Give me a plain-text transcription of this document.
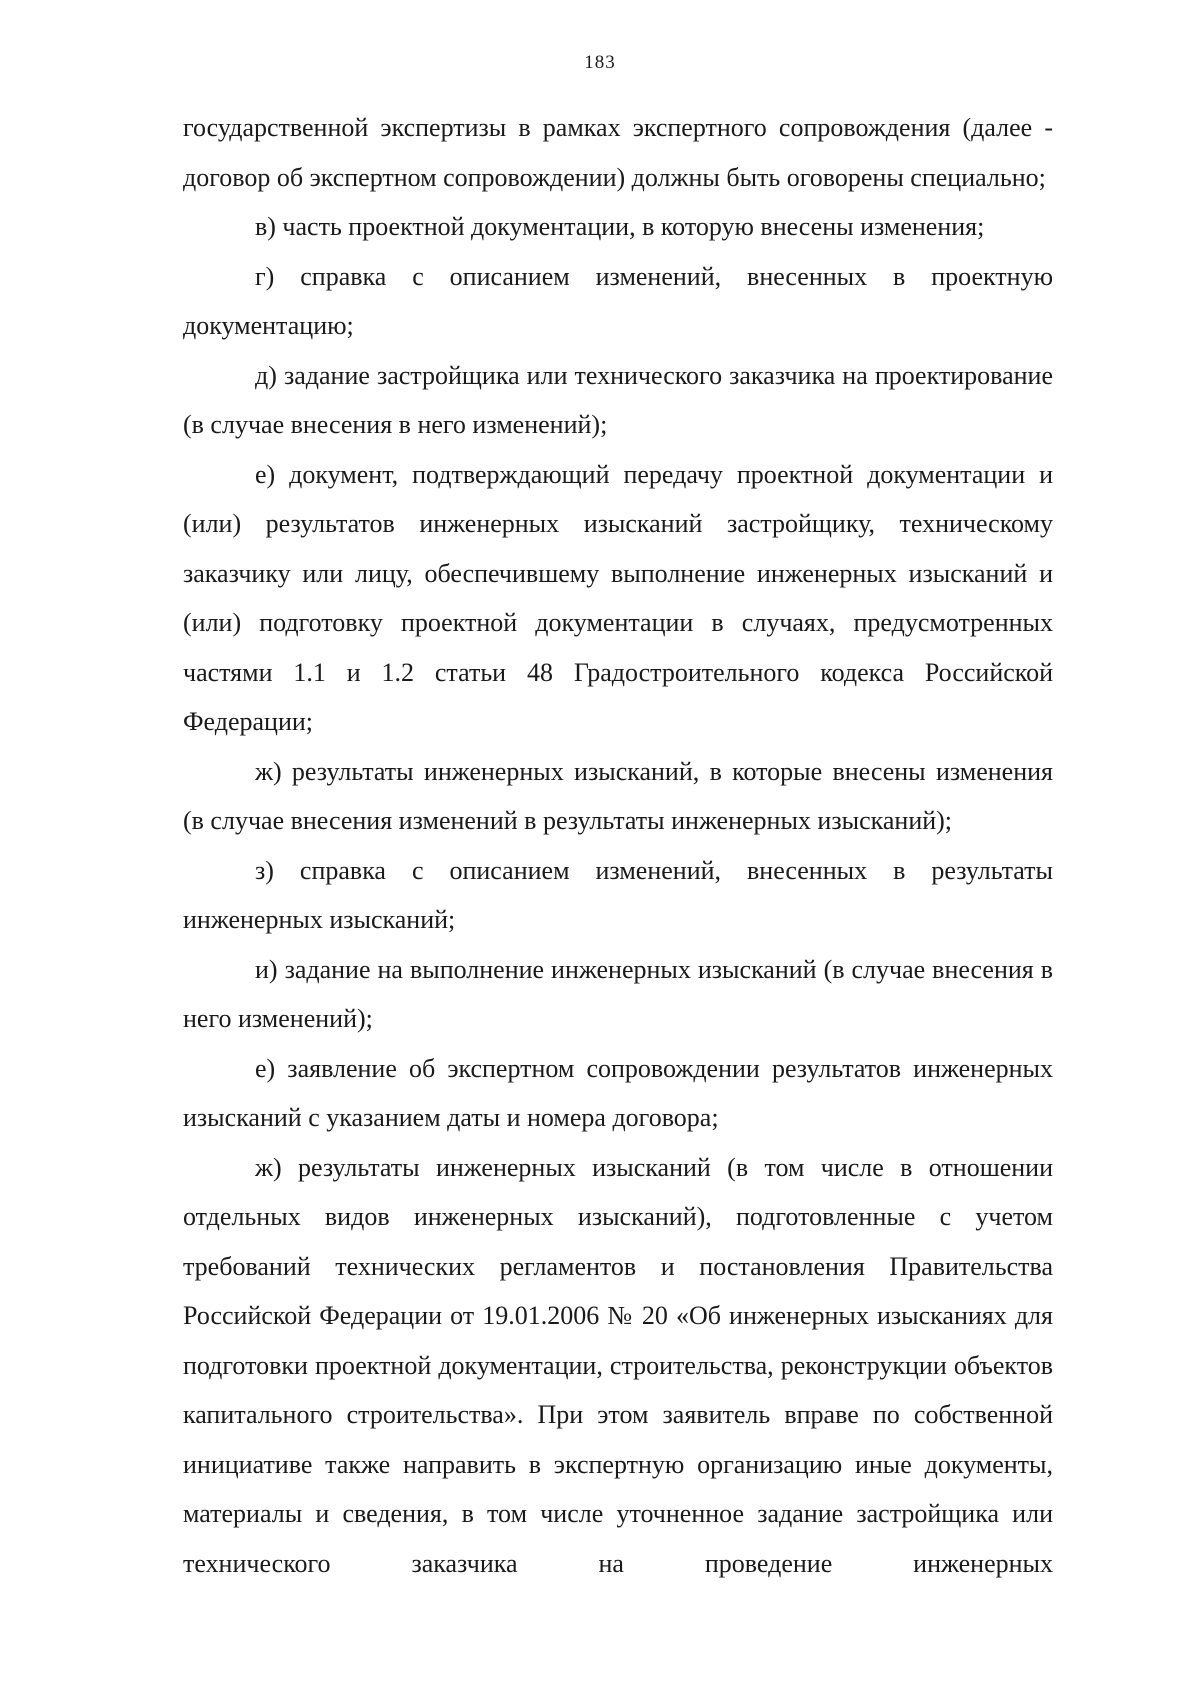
183

государственной экспертизы в рамках экспертного сопровождения (далее - договор об экспертном сопровождении) должны быть оговорены специально;

в) часть проектной документации, в которую внесены изменения;

г) справка с описанием изменений, внесенных в проектную документацию;

д) задание застройщика или технического заказчика на проектирование (в случае внесения в него изменений);

е) документ, подтверждающий передачу проектной документации и (или) результатов инженерных изысканий застройщику, техническому заказчику или лицу, обеспечившему выполнение инженерных изысканий и (или) подготовку проектной документации в случаях, предусмотренных частями 1.1 и 1.2 статьи 48 Градостроительного кодекса Российской Федерации;

ж) результаты инженерных изысканий, в которые внесены изменения (в случае внесения изменений в результаты инженерных изысканий);

з) справка с описанием изменений, внесенных в результаты инженерных изысканий;

и) задание на выполнение инженерных изысканий (в случае внесения в него изменений);

е) заявление об экспертном сопровождении результатов инженерных изысканий с указанием даты и номера договора;

ж) результаты инженерных изысканий (в том числе в отношении отдельных видов инженерных изысканий), подготовленные с учетом требований технических регламентов и постановления Правительства Российской Федерации от 19.01.2006 № 20 «Об инженерных изысканиях для подготовки проектной документации, строительства, реконструкции объектов капитального строительства». При этом заявитель вправе по собственной инициативе также направить в экспертную организацию иные документы, материалы и сведения, в том числе уточненное задание застройщика или технического заказчика на проведение инженерных
